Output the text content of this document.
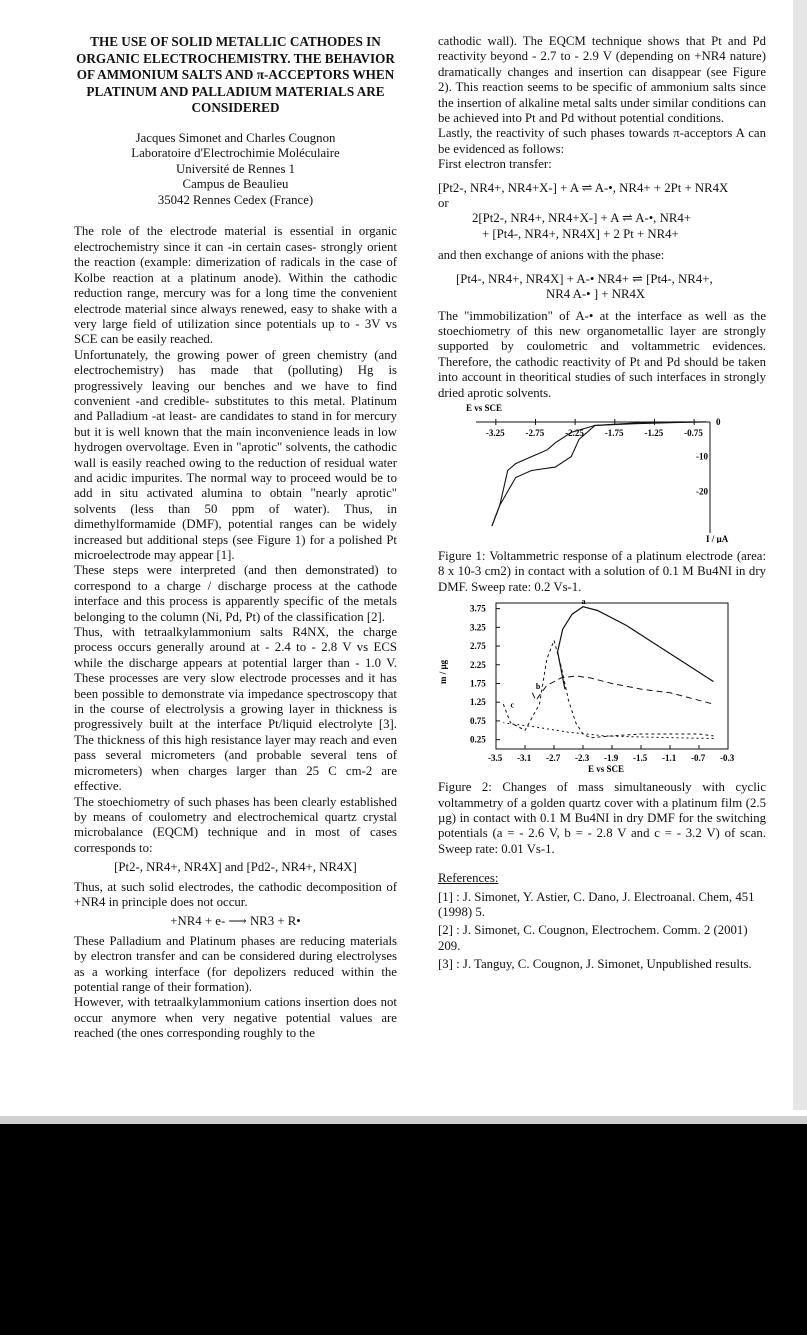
THE USE OF SOLID METALLIC CATHODES IN ORGANIC ELECTROCHEMISTRY. THE BEHAVIOR OF AMMONIUM SALTS AND π-ACCEPTORS WHEN PLATINUM AND PALLADIUM MATERIALS ARE CONSIDERED
Jacques Simonet and Charles Cougnon
Laboratoire d'Electrochimie Moléculaire
Université de Rennes 1
Campus de Beaulieu
35042 Rennes Cedex (France)

The role of the electrode material is essential in organic electrochemistry since it can -in certain cases- strongly orient the reaction (example: dimerization of radicals in the case of Kolbe reaction at a platinum anode). Within the cathodic reduction range, mercury was for a long time the convenient electrode material since always renewed, easy to shake with a very large field of utilization since potentials up to - 3V vs SCE can be easily reached.

Unfortunately, the growing power of green chemistry (and electrochemistry) has made that (polluting) Hg is progressively leaving our benches and we have to find convenient -and credible- substitutes to this metal. Platinum and Palladium -at least- are candidates to stand in for mercury but it is well known that the main inconvenience leads in low hydrogen overvoltage. Even in "aprotic" solvents, the cathodic wall is easily reached owing to the reduction of residual water and acidic impurites. The normal way to proceed would be to add in situ activated alumina to obtain "nearly aprotic" solvents (less than 50 ppm of water). Thus, in dimethylformamide (DMF), potential ranges can be widely increased but additional steps (see Figure 1) for a polished Pt microelectrode may appear [1].

These steps were interpreted (and then demonstrated) to correspond to a charge / discharge process at the cathode interface and this process is apparently specific of the metals belonging to the column (Ni, Pd, Pt) of the classification [2].

Thus, with tetraalkylammonium salts R4NX, the charge process occurs generally around at - 2.4 to - 2.8 V vs ECS while the discharge appears at potential larger than - 1.0 V. These processes are very slow electrode processes and it has been possible to demonstrate via impedance spectroscopy that in the course of electrolysis a growing layer in thickness is progressively built at the interface Pt/liquid electrolyte [3]. The thickness of this high resistance layer may reach and even pass several micrometers (and probable several tens of micrometers) when charges larger than 25 C cm-2 are effective.

The stoechiometry of such phases has been clearly established by means of coulometry and electrochemical quartz crystal microbalance (EQCM) technique and in most of cases corresponds to:

[Pt2-, NR4+, NR4X] and [Pd2-, NR4+, NR4X]

Thus, at such solid electrodes, the cathodic decomposition of +NR4 in principle does not occur.

+NR4 + e- ⟶ NR3 + R•

These Palladium and Platinum phases are reducing materials by electron transfer and can be considered during electrolyses as a working interface (for depolizers reduced within the potential range of their formation).

However, with tetraalkylammonium cations insertion does not occur anymore when very negative potential values are reached (the ones corresponding roughly to the

cathodic wall). The EQCM technique shows that Pt and Pd reactivity beyond - 2.7 to - 2.9 V (depending on +NR4 nature) dramatically changes and insertion can disappear (see Figure 2). This reaction seems to be specific of ammonium salts since the insertion of alkaline metal salts under similar conditions can be achieved into Pt and Pd without potential conditions.

Lastly, the reactivity of such phases towards π-acceptors A can be evidenced as follows:

First electron transfer:

[Pt2-, NR4+, NR4+X-] + A ⇌ A-•, NR4+ + 2Pt + NR4X
or
2[Pt2-, NR4+, NR4+X-] + A ⇌ A-•, NR4+
+ [Pt4-, NR4+, NR4X] + 2 Pt + NR4+

and then exchange of anions with the phase:

[Pt4-, NR4+, NR4X] + A-• NR4+ ⇌ [Pt4-, NR4+,
NR4 A-• ] + NR4X

The "immobilization" of A-• at the interface as well as the stoechiometry of this new organometallic layer are strongly supported by coulometric and voltammetric evidences. Therefore, the cathodic reactivity of Pt and Pd should be taken into account in theoritical studies of such interfaces in strongly dried aprotic solvents.

E vs SCE
0
-10
-20
I / µA
-3.25 -2.75 -2.25 -1.75 -1.25 -0.75

Figure 1: Voltammetric response of a platinum electrode (area: 8 x 10-3 cm2) in contact with a solution of 0.1 M Bu4NI in dry DMF. Sweep rate: 0.2 Vs-1.

m / µg
3.75
3.25
2.75
2.25
1.75
1.25
0.75
0.25
-3.5 -3.1 -2.7 -2.3 -1.9 -1.5 -1.1 -0.7 -0.3
E vs SCE
a
b
c

Figure 2: Changes of mass simultaneously with cyclic voltammetry of a golden quartz cover with a platinum film (2.5 µg) in contact with 0.1 M Bu4NI in dry DMF for the switching potentials (a = - 2.6 V, b = - 2.8 V and c = - 3.2 V) of scan. Sweep rate: 0.01 Vs-1.

References:
[1] : J. Simonet, Y. Astier, C. Dano, J. Electroanal. Chem, 451 (1998) 5.
[2] : J. Simonet, C. Cougnon, Electrochem. Comm. 2 (2001) 209.
[3] : J. Tanguy, C. Cougnon, J. Simonet, Unpublished results.
